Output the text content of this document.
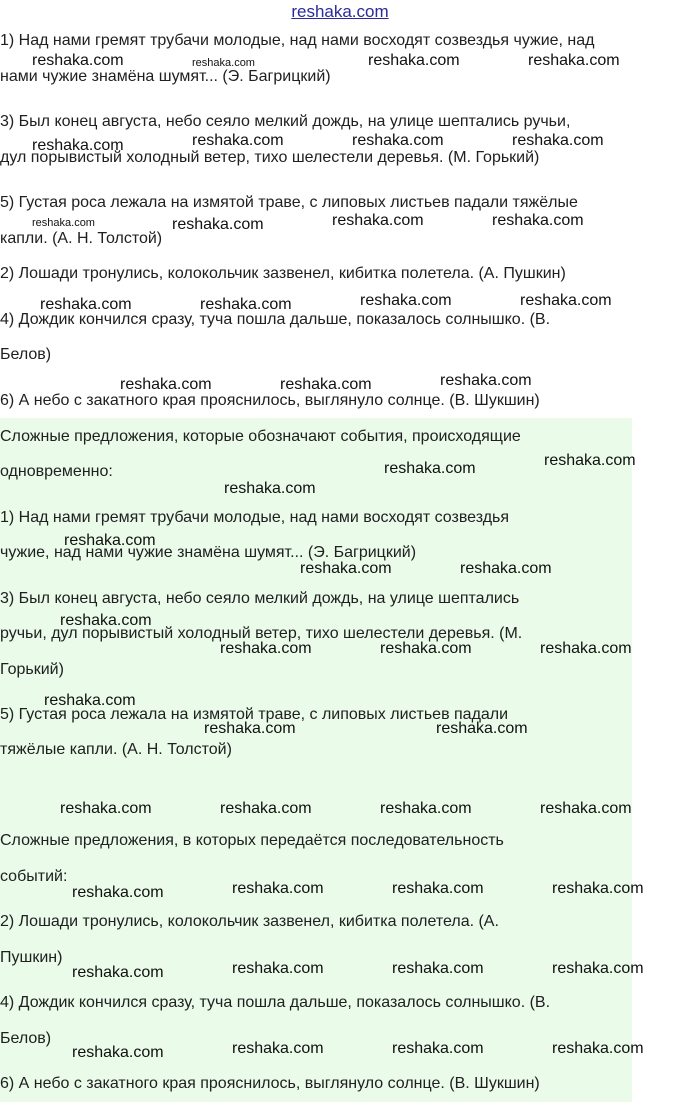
reshaka.com

1) Над нами гремят трубачи молодые, над нами восходят созвездья чужие, над

нами чужие знамёна шумят... (Э. Багрицкий)

3) Был конец августа, небо сеяло мелкий дождь, на улице шептались ручьи,

дул порывистый холодный ветер, тихо шелестели деревья. (М. Горький)

5) Густая роса лежала на измятой траве, с липовых листьев падали тяжёлые

капли. (А. Н. Толстой)

2) Лошади тронулись, колокольчик зазвенел, кибитка полетела. (А. Пушкин)

4) Дождик кончился сразу, туча пошла дальше, показалось солнышко. (В.

Белов)

6) А небо с закатного края прояснилось, выглянуло солнце. (В. Шукшин)

Сложные предложения, которые обозначают события, происходящие

одновременно:

1) Над нами гремят трубачи молодые, над нами восходят созвездья

чужие, над нами чужие знамёна шумят... (Э. Багрицкий)

3) Был конец августа, небо сеяло мелкий дождь, на улице шептались

ручьи, дул порывистый холодный ветер, тихо шелестели деревья. (М.

Горький)

5) Густая роса лежала на измятой траве, с липовых листьев падали

тяжёлые капли. (А. Н. Толстой)

Сложные предложения, в которых передаётся последовательность

событий:

2) Лошади тронулись, колокольчик зазвенел, кибитка полетела. (А.

Пушкин)

4) Дождик кончился сразу, туча пошла дальше, показалось солнышко. (В.

Белов)

6) А небо с закатного края прояснилось, выглянуло солнце. (В. Шукшин)

reshaka.com	reshaka.com	reshaka.com	reshaka.com
reshaka.com	reshaka.com	reshaka.com	reshaka.com
reshaka.com	reshaka.com	reshaka.com	reshaka.com
reshaka.com	reshaka.com	reshaka.com	reshaka.com
reshaka.com	reshaka.com	reshaka.com
reshaka.com	reshaka.com
reshaka.com
reshaka.com
reshaka.com	reshaka.com
reshaka.com
reshaka.com	reshaka.com	reshaka.com
reshaka.com
reshaka.com	reshaka.com
reshaka.com	reshaka.com	reshaka.com	reshaka.com
reshaka.com	reshaka.com	reshaka.com	reshaka.com
reshaka.com	reshaka.com	reshaka.com	reshaka.com
reshaka.com	reshaka.com	reshaka.com	reshaka.com
